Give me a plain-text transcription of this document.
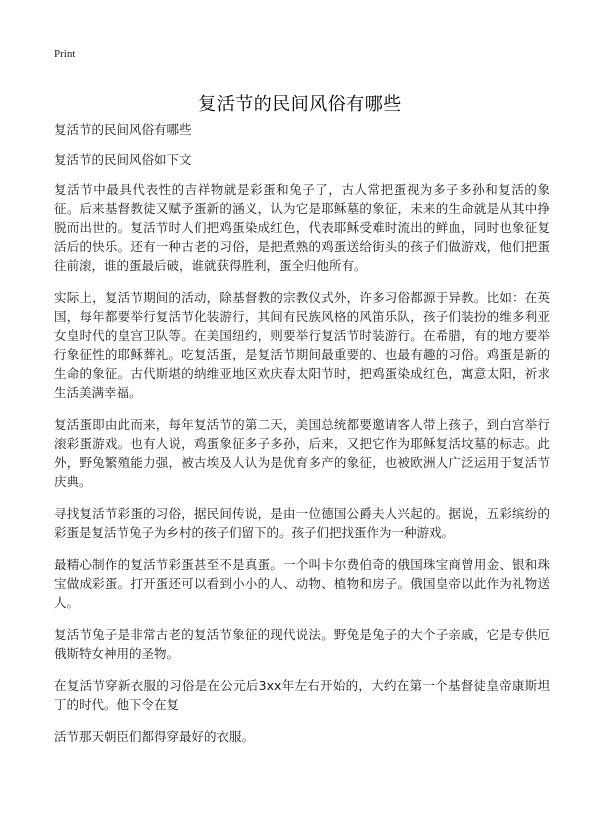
Print
复活节的民间风俗有哪些

复活节的民间风俗有哪些

复活节的民间风俗如下文

复活节中最具代表性的吉祥物就是彩蛋和兔子了，古人常把蛋视为多子多孙和复活的象征。后来基督教徒又赋予蛋新的涵义，认为它是耶稣墓的象征，未来的生命就是从其中挣脱而出世的。复活节时人们把鸡蛋染成红色，代表耶稣受难时流出的鲜血，同时也象征复活后的快乐。还有一种古老的习俗，是把煮熟的鸡蛋送给街头的孩子们做游戏，他们把蛋往前滚，谁的蛋最后破，谁就获得胜利，蛋全归他所有。

实际上，复活节期间的活动，除基督教的宗教仪式外，许多习俗都源于异教。比如：在英国，每年都要举行复活节化装游行，其间有民族风格的风笛乐队，孩子们装扮的维多利亚女皇时代的皇宫卫队等。在美国纽约，则要举行复活节时装游行。在希腊，有的地方要举行象征性的耶稣葬礼。吃复活蛋，是复活节期间最重要的、也最有趣的习俗。鸡蛋是新的生命的象征。古代斯堪的纳维亚地区欢庆春太阳节时，把鸡蛋染成红色，寓意太阳，祈求生活美满幸福。

复活蛋即由此而来，每年复活节的第二天，美国总统都要邀请客人带上孩子，到白宫举行滚彩蛋游戏。也有人说，鸡蛋象征多子多孙，后来，又把它作为耶稣复活坟墓的标志。此外，野兔繁殖能力强，被古埃及人认为是优育多产的象征，也被欧洲人广泛运用于复活节庆典。

寻找复活节彩蛋的习俗，据民间传说，是由一位德国公爵夫人兴起的。据说，五彩缤纷的彩蛋是复活节兔子为乡村的孩子们留下的。孩子们把找蛋作为一种游戏。

最精心制作的复活节彩蛋甚至不是真蛋。一个叫卡尔费伯奇的俄国珠宝商曾用金、银和珠宝做成彩蛋。打开蛋还可以看到小小的人、动物、植物和房子。俄国皇帝以此作为礼物送人。

复活节兔子是非常古老的复活节象征的现代说法。野兔是兔子的大个子亲戚，它是专供厄俄斯特女神用的圣物。

在复活节穿新衣服的习俗是在公元后3xx年左右开始的，大约在第一个基督徒皇帝康斯坦丁的时代。他下令在复

活节那天朝臣们都得穿最好的衣服。
